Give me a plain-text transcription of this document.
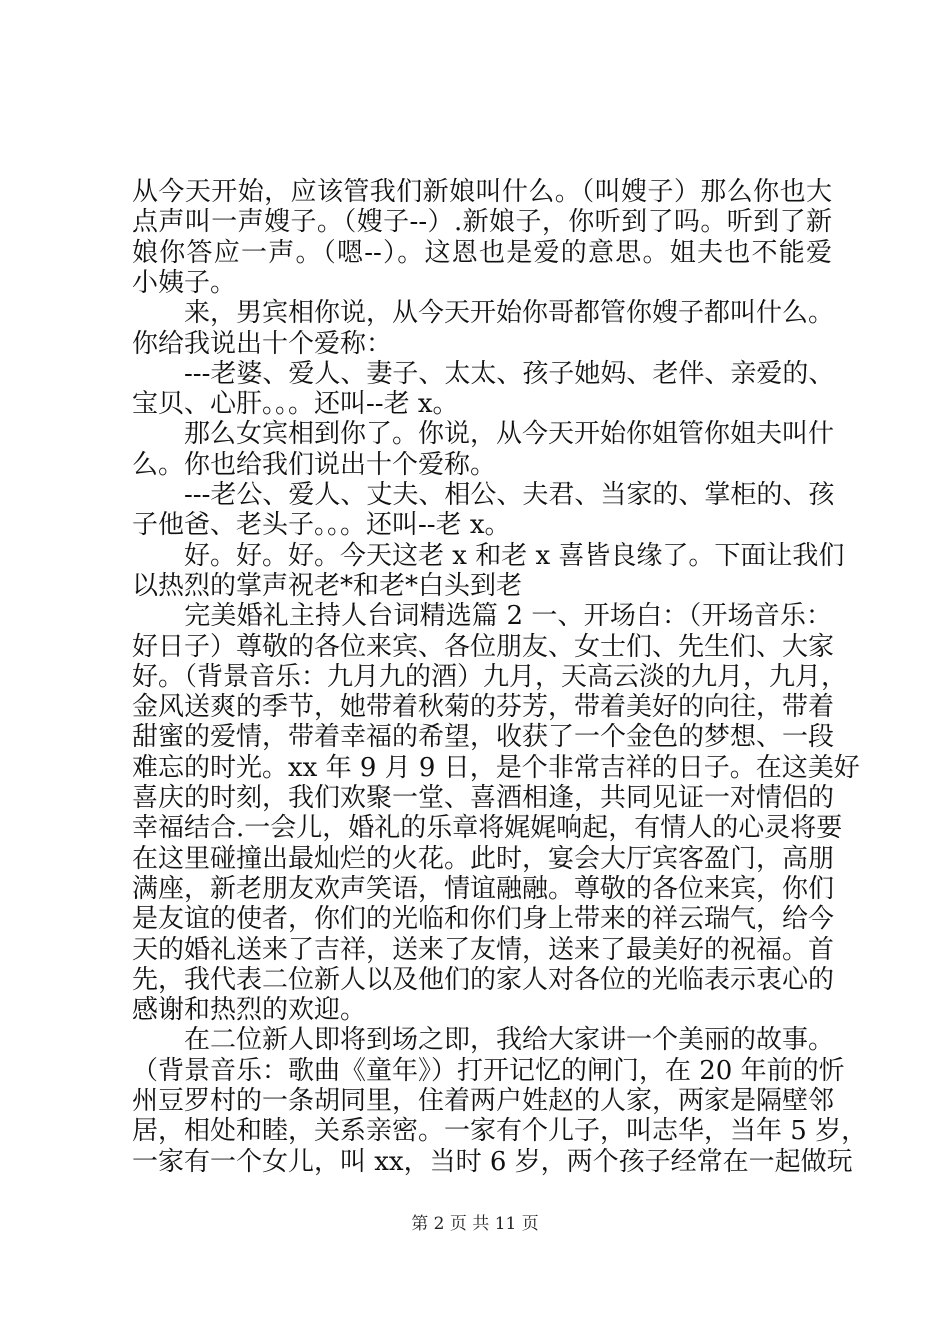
从今天开始，应该管我们新娘叫什么。（叫嫂子）那么你也大
点声叫一声嫂子。（嫂子--）.新娘子，你听到了吗。听到了新
娘你答应一声。（嗯--）。这恩也是爱的意思。姐夫也不能爱
小姨子。
　　来，男宾相你说，从今天开始你哥都管你嫂子都叫什么。
你给我说出十个爱称：
　　---老婆、爱人、妻子、太太、孩子她妈、老伴、亲爱的、
宝贝、心肝。。。还叫--老 x。
　　那么女宾相到你了。你说，从今天开始你姐管你姐夫叫什
么。你也给我们说出十个爱称。
　　---老公、爱人、丈夫、相公、夫君、当家的、掌柜的、孩
子他爸、老头子。。。还叫--老 x。
　　好。好。好。今天这老 x 和老 x 喜皆良缘了。下面让我们
以热烈的掌声祝老*和老*白头到老
　　完美婚礼主持人台词精选篇 2 一、开场白：（开场音乐：
好日子）尊敬的各位来宾、各位朋友、女士们、先生们、大家
好。（背景音乐：九月九的酒）九月，天高云淡的九月，九月，
金风送爽的季节，她带着秋菊的芬芳，带着美好的向往，带着
甜蜜的爱情，带着幸福的希望，收获了一个金色的梦想、一段
难忘的时光。xx 年 9 月 9 日，是个非常吉祥的日子。在这美好
喜庆的时刻，我们欢聚一堂、喜酒相逢，共同见证一对情侣的
幸福结合.一会儿，婚礼的乐章将娓娓响起，有情人的心灵将要
在这里碰撞出最灿烂的火花。此时，宴会大厅宾客盈门，高朋
满座，新老朋友欢声笑语，情谊融融。尊敬的各位来宾，你们
是友谊的使者，你们的光临和你们身上带来的祥云瑞气，给今
天的婚礼送来了吉祥，送来了友情，送来了最美好的祝福。首
先，我代表二位新人以及他们的家人对各位的光临表示衷心的
感谢和热烈的欢迎。
　　在二位新人即将到场之即，我给大家讲一个美丽的故事。
（背景音乐：歌曲《童年》）打开记忆的闸门，在 20 年前的忻
州豆罗村的一条胡同里，住着两户姓赵的人家，两家是隔壁邻
居，相处和睦，关系亲密。一家有个儿子，叫志华，当年 5 岁，
一家有一个女儿，叫 xx，当时 6 岁，两个孩子经常在一起做玩
第 2 页 共 11 页
